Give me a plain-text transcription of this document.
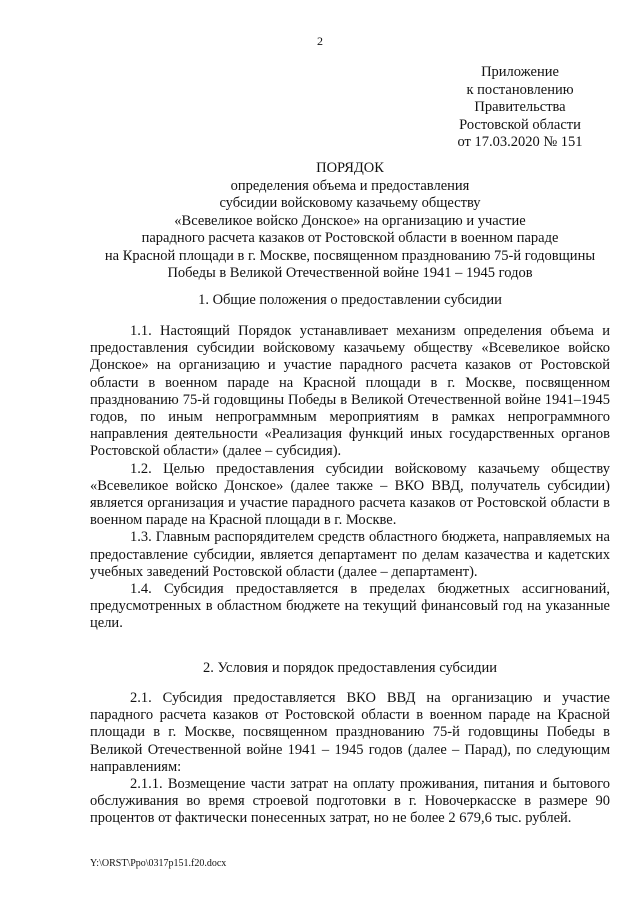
2
Приложение
к постановлению
Правительства
Ростовской области
от 17.03.2020 № 151
ПОРЯДОК
определения объема и предоставления
субсидии войсковому казачьему обществу
«Всевеликое войско Донское» на организацию и участие
парадного расчета казаков от Ростовской области в военном параде
на Красной площади в г. Москве, посвященном празднованию 75-й годовщины
Победы в Великой Отечественной войне 1941 – 1945 годов
1. Общие положения о предоставлении субсидии

1.1. Настоящий Порядок устанавливает механизм определения объема и предоставления субсидии войсковому казачьему обществу «Всевеликое войско Донское» на организацию и участие парадного расчета казаков от Ростовской области в военном параде на Красной площади в г. Москве, посвященном празднованию 75-й годовщины Победы в Великой Отечественной войне 1941–1945 годов, по иным непрограммным мероприятиям в рамках непрограммного направления деятельности «Реализация функций иных государственных органов Ростовской области» (далее – субсидия).

1.2. Целью предоставления субсидии войсковому казачьему обществу «Всевеликое войско Донское» (далее также – ВКО ВВД, получатель субсидии) является организация и участие парадного расчета казаков от Ростовской области в военном параде на Красной площади в г. Москве.

1.3. Главным распорядителем средств областного бюджета, направляемых на предоставление субсидии, является департамент по делам казачества и кадетских учебных заведений Ростовской области (далее – департамент).

1.4. Субсидия предоставляется в пределах бюджетных ассигнований, предусмотренных в областном бюджете на текущий финансовый год на указанные цели.

2. Условия и порядок предоставления субсидии

2.1. Субсидия предоставляется ВКО ВВД на организацию и участие парадного расчета казаков от Ростовской области в военном параде на Красной площади в г. Москве, посвященном празднованию 75-й годовщины Победы в Великой Отечественной войне 1941 – 1945 годов (далее – Парад), по следующим направлениям:

2.1.1. Возмещение части затрат на оплату проживания, питания и бытового обслуживания во время строевой подготовки в г. Новочеркасске в размере 90 процентов от фактически понесенных затрат, но не более 2 679,6 тыс. рублей.

Y:\ORST\Ppo\0317p151.f20.docx
